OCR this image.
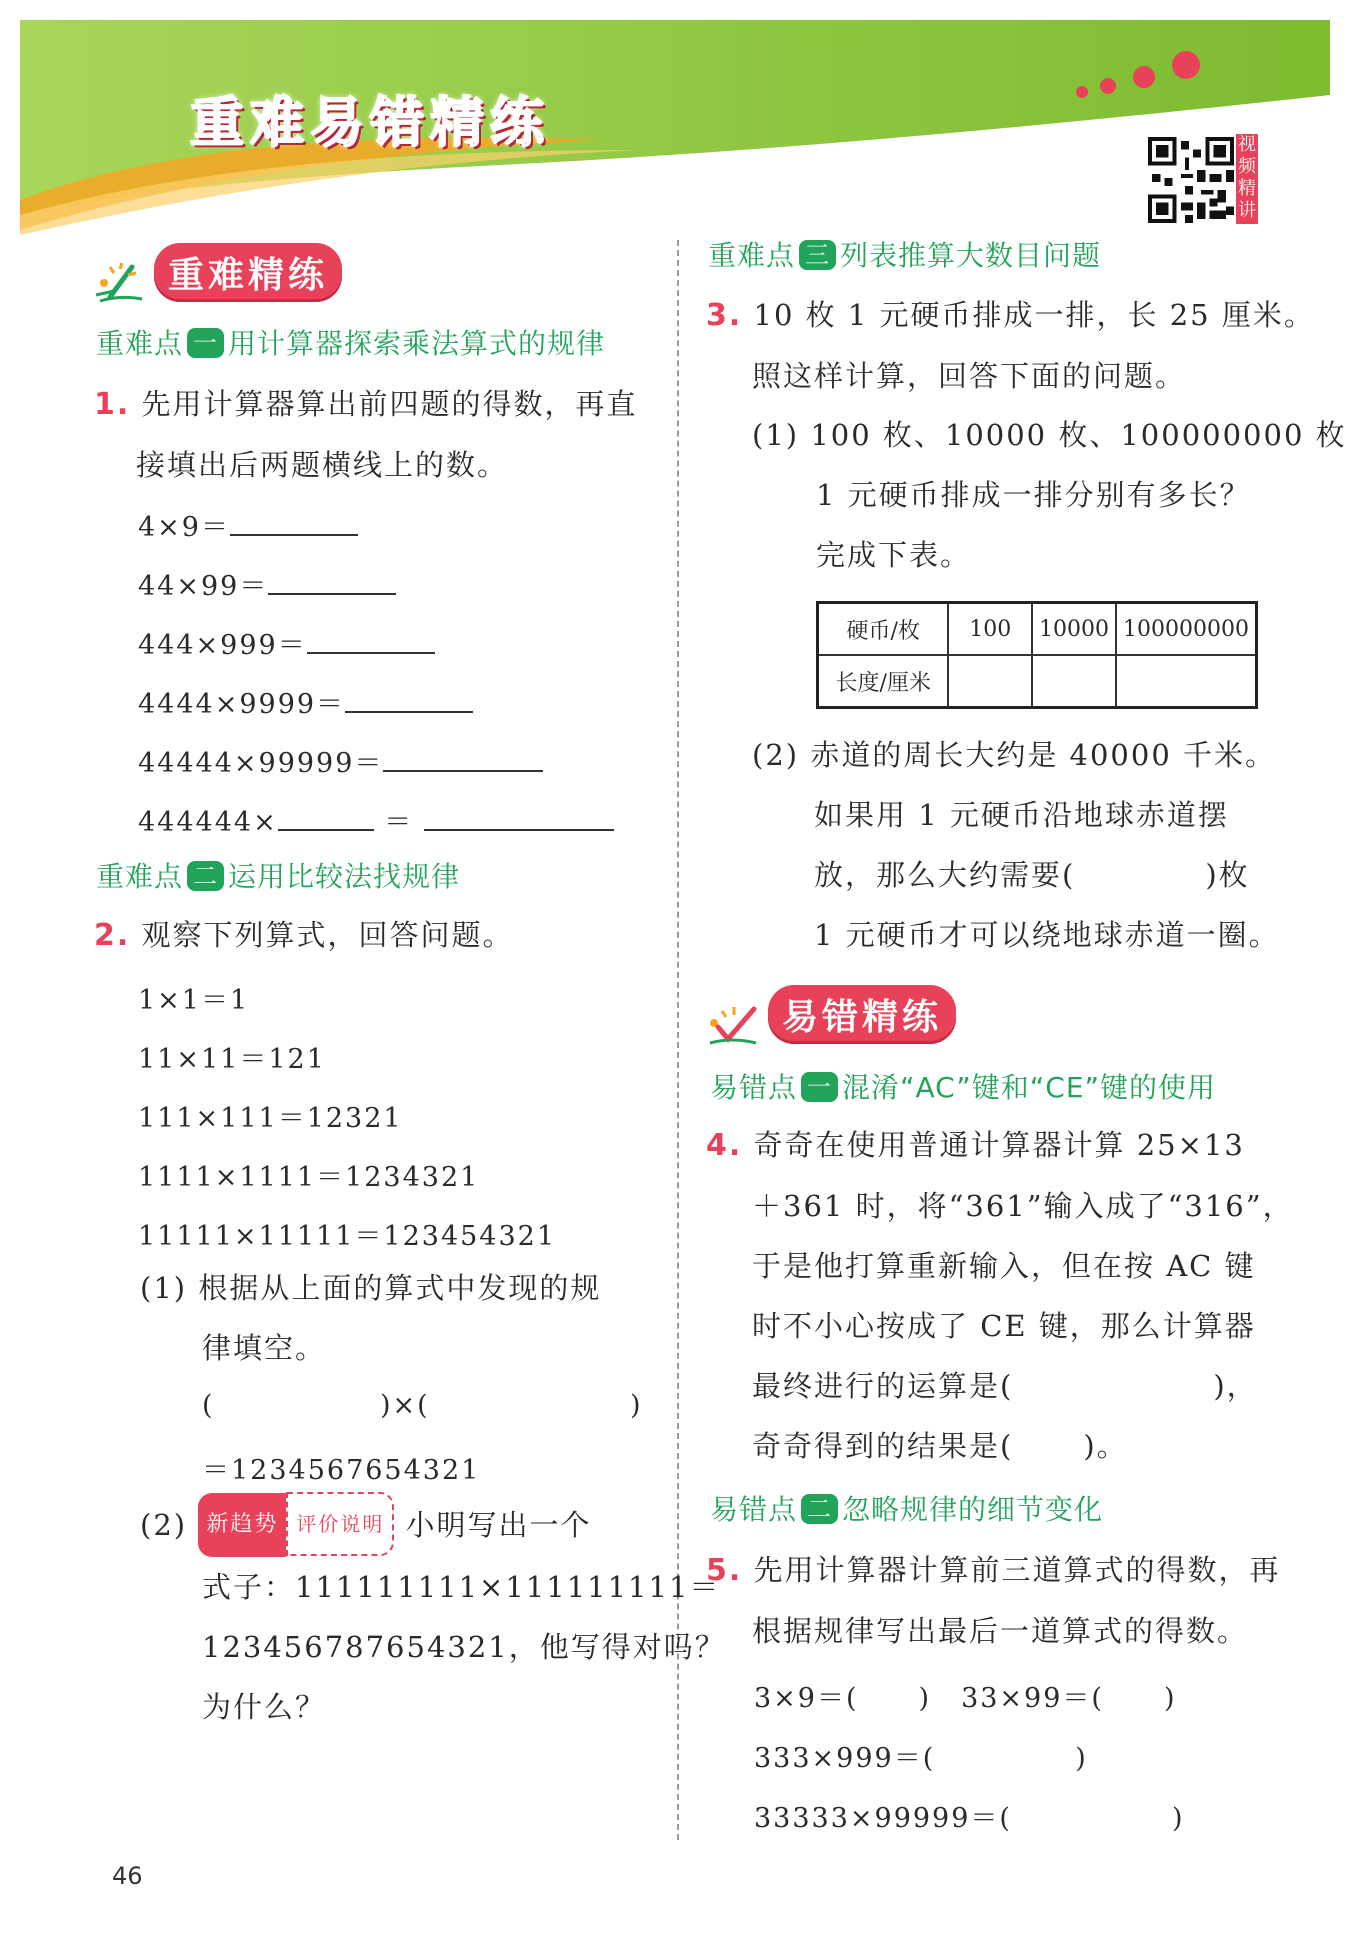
重难易错精练	视频精讲
重难精练
重难点 一 用计算器探索乘法算式的规律
1. 先用计算器算出前四题的得数，再直
接填出后两题横线上的数。
4×9＝
44×99＝
444×999＝
4444×9999＝
44444×99999＝
444444×	＝
重难点 二 运用比较法找规律
2. 观察下列算式，回答问题。
1×1＝1
11×11＝121
111×111＝12321
1111×1111＝1234321
11111×11111＝123454321
(1) 根据从上面的算式中发现的规
律填空。
(	)×(	)
＝1234567654321
(2) 新趋势 评价说明 小明写出一个
式子：111111111×111111111＝
123456787654321，他写得对吗？
为什么？
重难点 三 列表推算大数目问题
3. 10 枚 1 元硬币排成一排，长 25 厘米。
照这样计算，回答下面的问题。
(1) 100 枚、10000 枚、100000000 枚
1 元硬币排成一排分别有多长？
完成下表。
硬币/枚	100	10000	100000000
长度/厘米			
(2) 赤道的周长大约是 40000 千米。
如果用 1 元硬币沿地球赤道摆
放，那么大约需要(	)枚
1 元硬币才可以绕地球赤道一圈。
易错精练
易错点 一 混淆“AC”键和“CE”键的使用
4. 奇奇在使用普通计算器计算 25×13
＋361 时，将“361”输入成了“316”，
于是他打算重新输入，但在按 AC 键
时不小心按成了 CE 键，那么计算器
最终进行的运算是(	)，
奇奇得到的结果是( )。
易错点 二 忽略规律的细节变化
5. 先用计算器计算前三道算式的得数，再
根据规律写出最后一道算式的得数。
3×9＝( ) 33×99＝( )
333×999＝(	)
33333×99999＝(	)
46
